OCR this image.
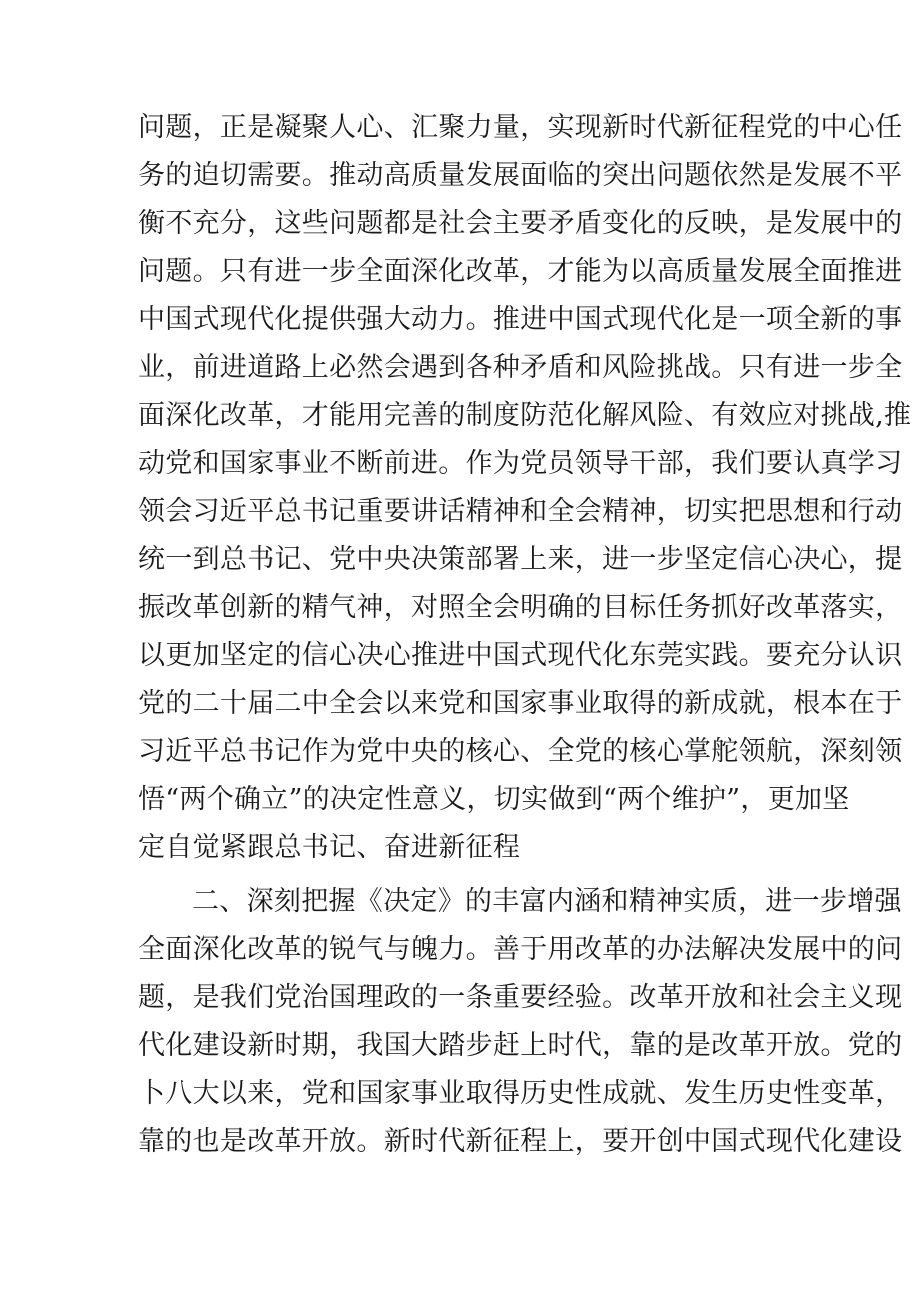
问题，正是凝聚人心、汇聚力量，实现新时代新征程党的中心任
务的迫切需要。推动高质量发展面临的突出问题依然是发展不平
衡不充分，这些问题都是社会主要矛盾变化的反映，是发展中的
问题。只有进一步全面深化改革，才能为以高质量发展全面推进
中国式现代化提供强大动力。推进中国式现代化是一项全新的事
业，前进道路上必然会遇到各种矛盾和风险挑战。只有进一步全
面深化改革，才能用完善的制度防范化解风险、有效应对挑战,推
动党和国家事业不断前进。作为党员领导干部，我们要认真学习
领会习近平总书记重要讲话精神和全会精神，切实把思想和行动
统一到总书记、党中央决策部署上来，进一步坚定信心决心，提
振改革创新的精气神，对照全会明确的目标任务抓好改革落实，
以更加坚定的信心决心推进中国式现代化东莞实践。要充分认识
党的二十届二中全会以来党和国家事业取得的新成就，根本在于
习近平总书记作为党中央的核心、全党的核心掌舵领航，深刻领
悟“两个确立”的决定性意义，切实做到“两个维护”，更加坚
定自觉紧跟总书记、奋进新征程
二、深刻把握《决定》的丰富内涵和精神实质，进一步增强
全面深化改革的锐气与魄力。善于用改革的办法解决发展中的问
题，是我们党治国理政的一条重要经验。改革开放和社会主义现
代化建设新时期，我国大踏步赶上时代，靠的是改革开放。党的
卜八大以来，党和国家事业取得历史性成就、发生历史性变革，
靠的也是改革开放。新时代新征程上，要开创中国式现代化建设
